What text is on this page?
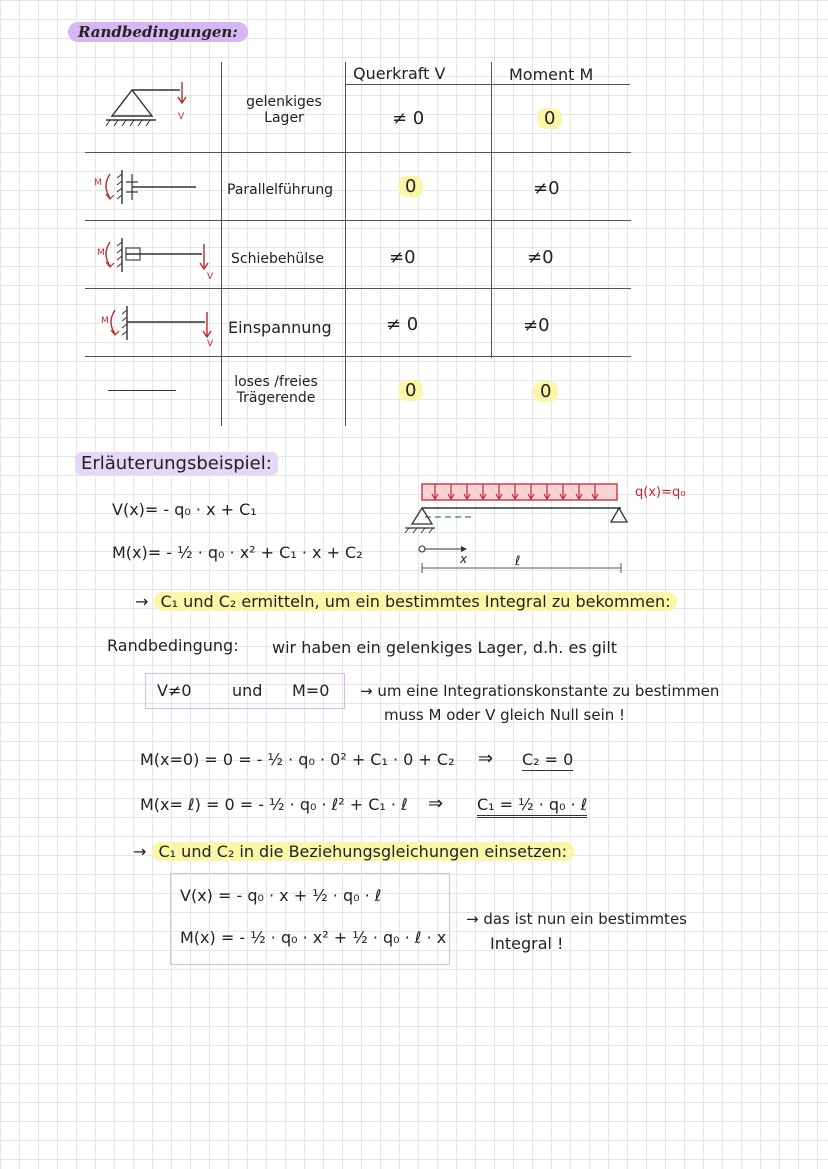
Randbedingungen:
Querkraft V	Moment M
gelenkiges
Lager	≠ 0	0
Parallelführung	0	≠0
Schiebehülse	≠0	≠0
Einspannung	≠ 0	≠0
loses /freies
Trägerende	0	0
V
M
M
V
M
V
Erläuterungsbeispiel:
V(x)= - q₀ · x + C₁
M(x)= - ½ · q₀ · x² + C₁ · x + C₂
q(x)=q₀
x	ℓ
→ C₁ und C₂ ermitteln, um ein bestimmtes Integral zu bekommen:
Randbedingung: wir haben ein gelenkiges Lager, d.h. es gilt
V≠0	und M=0 → um eine Integrationskonstante zu bestimmen
muss M oder V gleich Null sein !
M(x=0) = 0 = - ½ · q₀ · 0² + C₁ · 0 + C₂ ⇒ C₂ = 0
M(x= ℓ) = 0 = - ½ · q₀ · ℓ² + C₁ · ℓ ⇒ C₁ = ½ · q₀ · ℓ
→ C₁ und C₂ in die Beziehungsgleichungen einsetzen:
V(x) = - q₀ · x + ½ · q₀ · ℓ
M(x) = - ½ · q₀ · x² + ½ · q₀ · ℓ · x
→ das ist nun ein bestimmtes
Integral !
